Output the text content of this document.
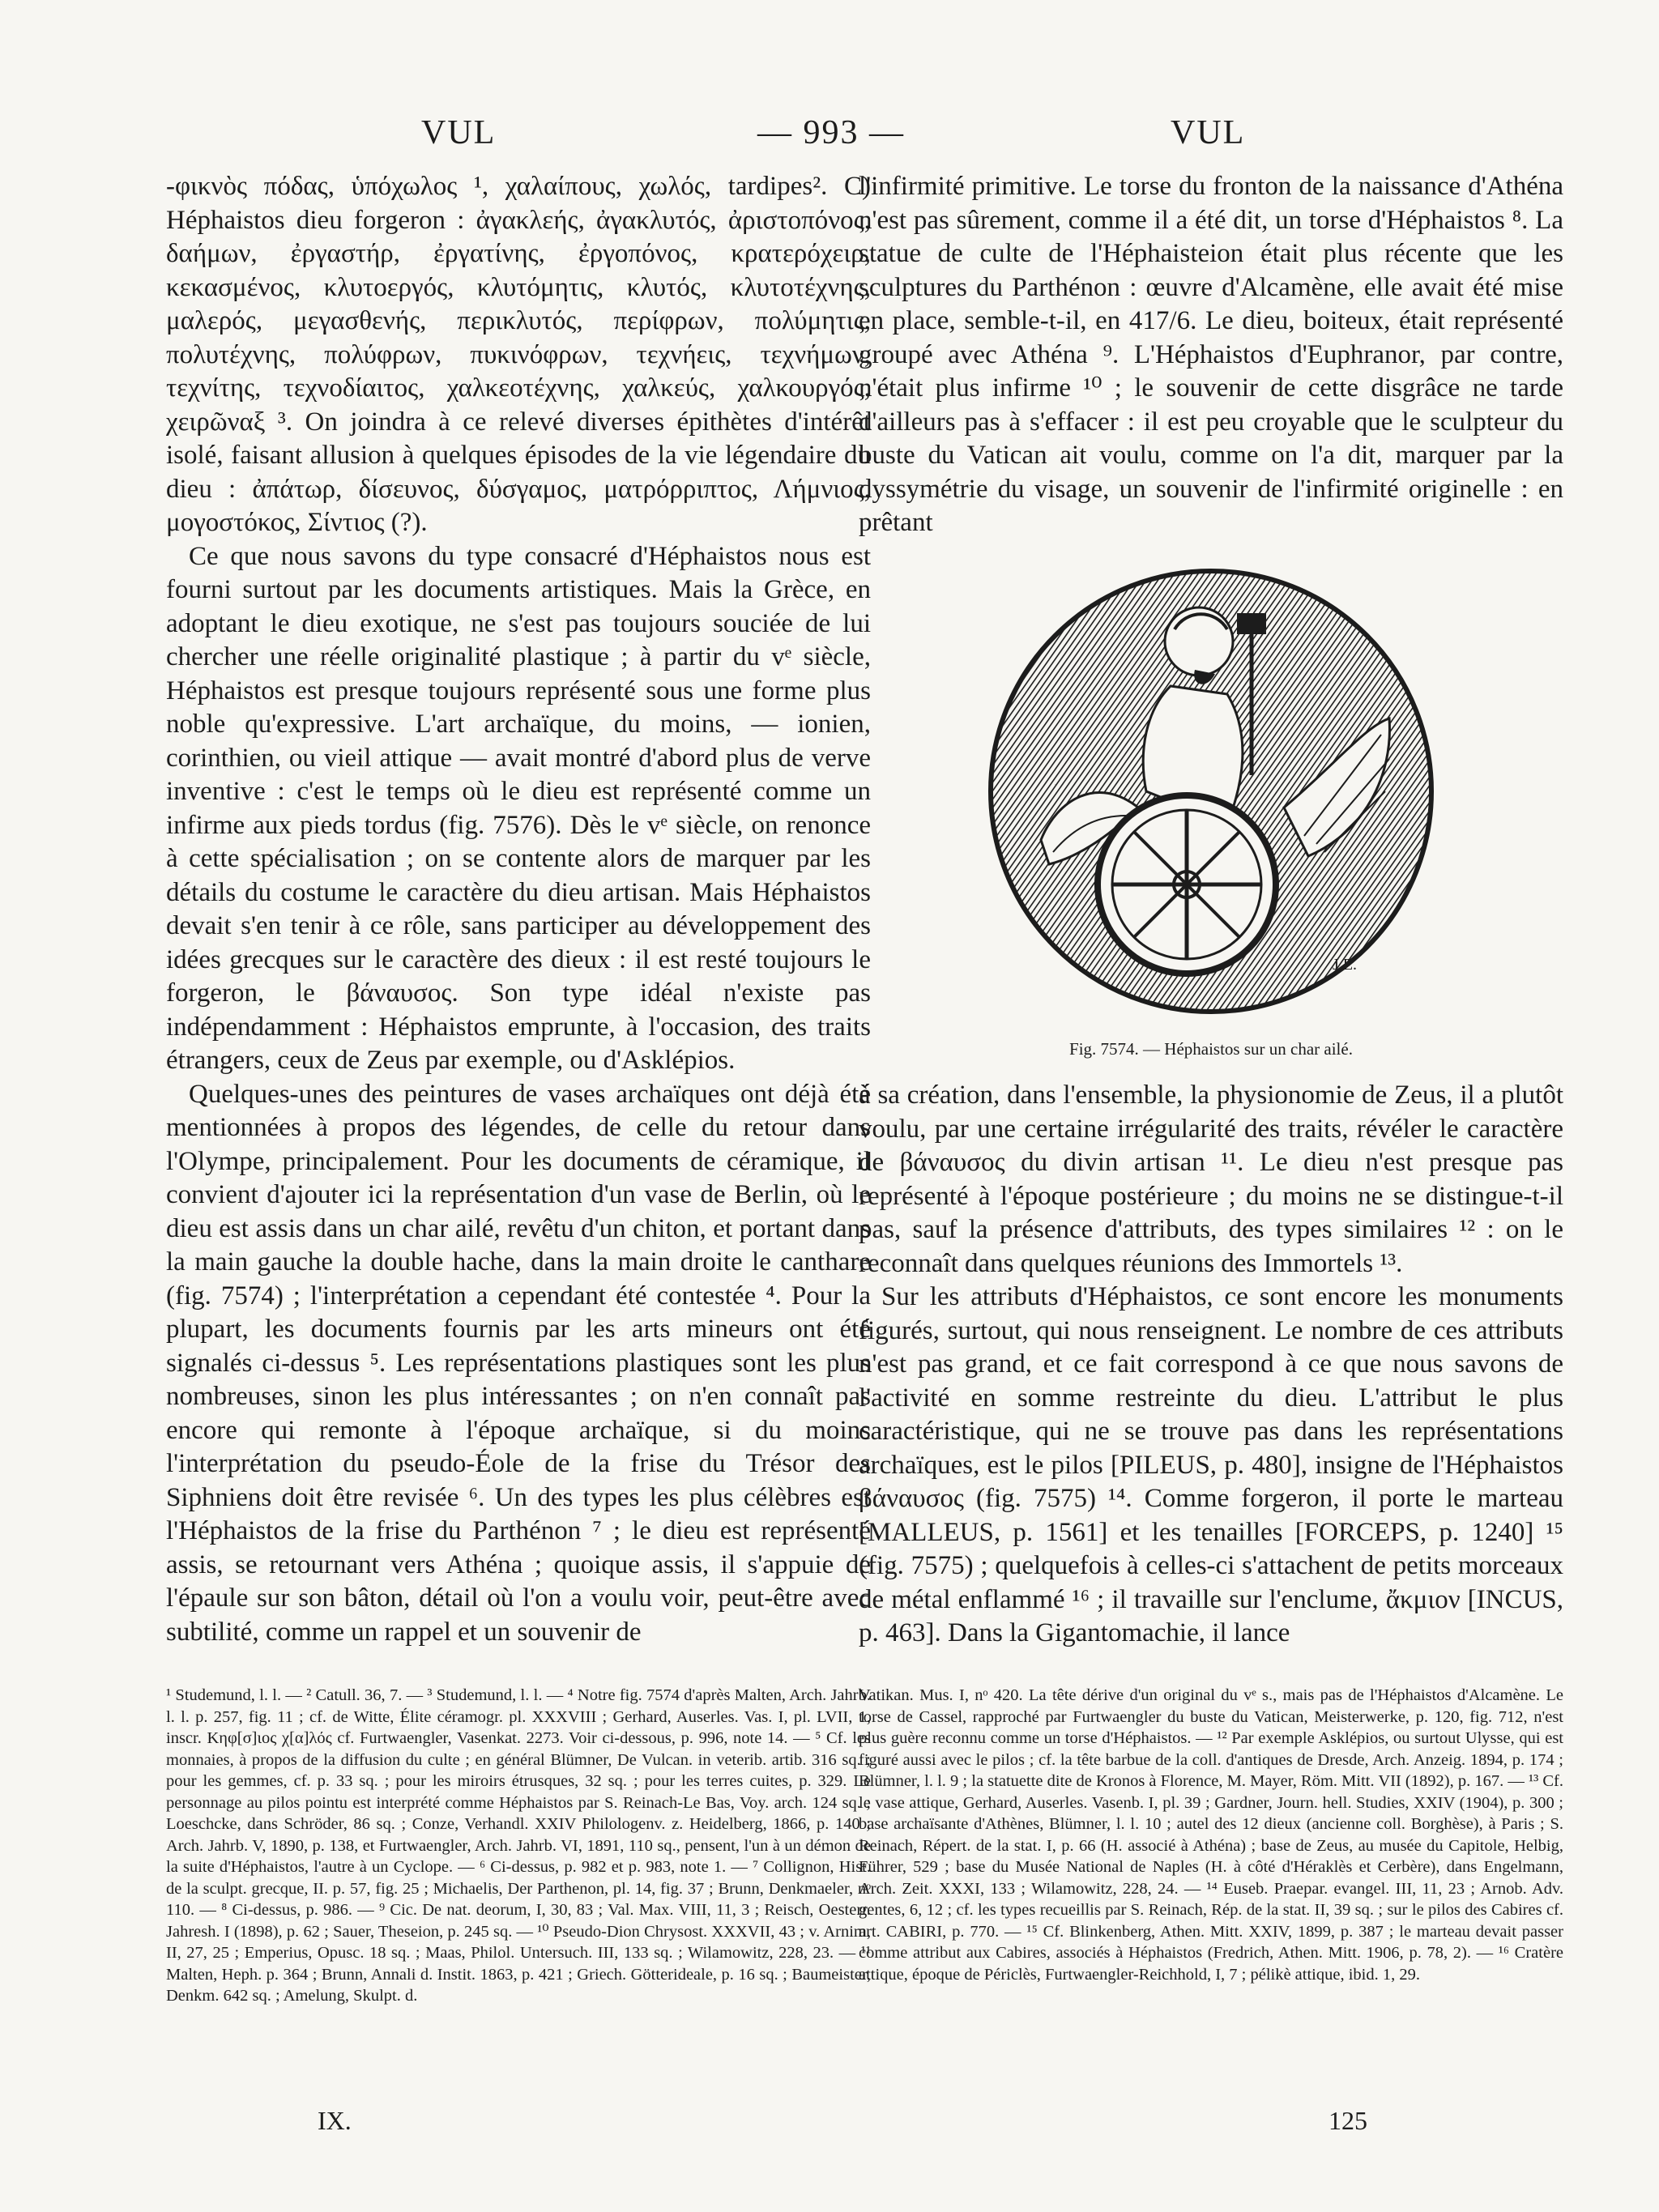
VUL	— 993 —	VUL

-φικνὸς πόδας, ὑπόχωλος ¹, χαλαίπους, χωλός, tardipes². C) Héphaistos dieu forgeron : ἀγακλεής, ἀγακλυτός, ἀριστοπόνος, δαήμων, ἐργαστήρ, ἐργατίνης, ἐργοπόνος, κρατερόχειρ, κεκασμένος, κλυτοεργός, κλυτόμητις, κλυτός, κλυτοτέχνης, μαλερός, μεγασθενής, περικλυτός, περίφρων, πολύμητις, πολυτέχνης, πολύφρων, πυκινόφρων, τεχνήεις, τεχνήμων, τεχνίτης, τεχνοδίαιτος, χαλκεοτέχνης, χαλκεύς, χαλκουργός, χειρῶναξ ³. On joindra à ce relevé diverses épithètes d'intérêt isolé, faisant allusion à quelques épisodes de la vie légendaire du dieu : ἀπάτωρ, δίσευνος, δύσγαμος, ματρόρριπτος, Λήμνιος, μογοστόκος, Σίντιος (?).

Ce que nous savons du type consacré d'Héphaistos nous est fourni surtout par les documents artistiques. Mais la Grèce, en adoptant le dieu exotique, ne s'est pas toujours souciée de lui chercher une réelle originalité plastique ; à partir du vᵉ siècle, Héphaistos est presque toujours représenté sous une forme plus noble qu'expressive. L'art archaïque, du moins, — ionien, corinthien, ou vieil attique — avait montré d'abord plus de verve inventive : c'est le temps où le dieu est représenté comme un infirme aux pieds tordus (fig. 7576). Dès le vᵉ siècle, on renonce à cette spécialisation ; on se contente alors de marquer par les détails du costume le caractère du dieu artisan. Mais Héphaistos devait s'en tenir à ce rôle, sans participer au développement des idées grecques sur le caractère des dieux : il est resté toujours le forgeron, le βάναυσος. Son type idéal n'existe pas indépendamment : Héphaistos emprunte, à l'occasion, des traits étrangers, ceux de Zeus par exemple, ou d'Asklépios.

Quelques-unes des peintures de vases archaïques ont déjà été mentionnées à propos des légendes, de celle du retour dans l'Olympe, principalement. Pour les documents de céramique, il convient d'ajouter ici la représentation d'un vase de Berlin, où le dieu est assis dans un char ailé, revêtu d'un chiton, et portant dans la main gauche la double hache, dans la main droite le canthare (fig. 7574) ; l'interprétation a cependant été contestée ⁴. Pour la plupart, les documents fournis par les arts mineurs ont été signalés ci-dessus ⁵. Les représentations plastiques sont les plus nombreuses, sinon les plus intéressantes ; on n'en connaît pas encore qui remonte à l'époque archaïque, si du moins l'interprétation du pseudo-Éole de la frise du Trésor des Siphniens doit être revisée ⁶. Un des types les plus célèbres est l'Héphaistos de la frise du Parthénon ⁷ ; le dieu est représenté assis, se retournant vers Athéna ; quoique assis, il s'appuie de l'épaule sur son bâton, détail où l'on a voulu voir, peut-être avec subtilité, comme un rappel et un souvenir de

l'infirmité primitive. Le torse du fronton de la naissance d'Athéna n'est pas sûrement, comme il a été dit, un torse d'Héphaistos ⁸. La statue de culte de l'Héphaisteion était plus récente que les sculptures du Parthénon : œuvre d'Alcamène, elle avait été mise en place, semble-t-il, en 417/6. Le dieu, boiteux, était représenté groupé avec Athéna ⁹. L'Héphaistos d'Euphranor, par contre, n'était plus infirme ¹⁰ ; le souvenir de cette disgrâce ne tarde d'ailleurs pas à s'effacer : il est peu croyable que le sculpteur du buste du Vatican ait voulu, comme on l'a dit, marquer par la dyssymétrie du visage, un souvenir de l'infirmité originelle : en prêtant

J.E.
Fig. 7574. — Héphaistos sur un char ailé.

à sa création, dans l'ensemble, la physionomie de Zeus, il a plutôt voulu, par une certaine irrégularité des traits, révéler le caractère de βάναυσος du divin artisan ¹¹. Le dieu n'est presque pas représenté à l'époque postérieure ; du moins ne se distingue-t-il pas, sauf la présence d'attributs, des types similaires ¹² : on le reconnaît dans quelques réunions des Immortels ¹³.

Sur les attributs d'Héphaistos, ce sont encore les monuments figurés, surtout, qui nous renseignent. Le nombre de ces attributs n'est pas grand, et ce fait correspond à ce que nous savons de l'activité en somme restreinte du dieu. L'attribut le plus caractéristique, qui ne se trouve pas dans les représentations archaïques, est le pilos [PILEUS, p. 480], insigne de l'Héphaistos βάναυσος (fig. 7575) ¹⁴. Comme forgeron, il porte le marteau [MALLEUS, p. 1561] et les tenailles [FORCEPS, p. 1240] ¹⁵ (fig. 7575) ; quelquefois à celles-ci s'attachent de petits morceaux de métal enflammé ¹⁶ ; il travaille sur l'enclume, ἄκμιον [INCUS, p. 463]. Dans la Gigantomachie, il lance

¹ Studemund, l. l. — ² Catull. 36, 7. — ³ Studemund, l. l. — ⁴ Notre fig. 7574 d'après Malten, Arch. Jahrb. l. l. p. 257, fig. 11 ; cf. de Witte, Élite céramogr. pl. XXXVIII ; Gerhard, Auserles. Vas. I, pl. LVII, 1, inscr. Κηφ[σ]ιος χ[α]λός cf. Furtwaengler, Vasenkat. 2273. Voir ci-dessous, p. 996, note 14. — ⁵ Cf. les monnaies, à propos de la diffusion du culte ; en général Blümner, De Vulcan. in veterib. artib. 316 sq. ; pour les gemmes, cf. p. 33 sq. ; pour les miroirs étrusques, 32 sq. ; pour les terres cuites, p. 329. Le personnage au pilos pointu est interprété comme Héphaistos par S. Reinach-Le Bas, Voy. arch. 124 sq. ; Loeschcke, dans Schröder, 86 sq. ; Conze, Verhandl. XXIV Philologenv. z. Heidelberg, 1866, p. 140 ; Arch. Jahrb. V, 1890, p. 138, et Furtwaengler, Arch. Jahrb. VI, 1891, 110 sq., pensent, l'un à un démon de la suite d'Héphaistos, l'autre à un Cyclope. — ⁶ Ci-dessus, p. 982 et p. 983, note 1. — ⁷ Collignon, Hist. de la sculpt. grecque, II. p. 57, fig. 25 ; Michaelis, Der Parthenon, pl. 14, fig. 37 ; Brunn, Denkmaeler, nᵒ 110. — ⁸ Ci-dessus, p. 986. — ⁹ Cic. De nat. deorum, I, 30, 83 ; Val. Max. VIII, 11, 3 ; Reisch, Oesterr. Jahresh. I (1898), p. 62 ; Sauer, Theseion, p. 245 sq. — ¹⁰ Pseudo-Dion Chrysost. XXXVII, 43 ; v. Arnim, II, 27, 25 ; Emperius, Opusc. 18 sq. ; Maas, Philol. Untersuch. III, 133 sq. ; Wilamowitz, 228, 23. — ¹¹ Malten, Heph. p. 364 ; Brunn, Annali d. Instit. 1863, p. 421 ; Griech. Götterideale, p. 16 sq. ; Baumeister, Denkm. 642 sq. ; Amelung, Skulpt. d.

Vatikan. Mus. I, nᵒ 420. La tête dérive d'un original du vᵉ s., mais pas de l'Héphaistos d'Alcamène. Le torse de Cassel, rapproché par Furtwaengler du buste du Vatican, Meisterwerke, p. 120, fig. 712, n'est plus guère reconnu comme un torse d'Héphaistos. — ¹² Par exemple Asklépios, ou surtout Ulysse, qui est figuré aussi avec le pilos ; cf. la tête barbue de la coll. d'antiques de Dresde, Arch. Anzeig. 1894, p. 174 ; Blümner, l. l. 9 ; la statuette dite de Kronos à Florence, M. Mayer, Röm. Mitt. VII (1892), p. 167. — ¹³ Cf. le vase attique, Gerhard, Auserles. Vasenb. I, pl. 39 ; Gardner, Journ. hell. Studies, XXIV (1904), p. 300 ; base archaïsante d'Athènes, Blümner, l. l. 10 ; autel des 12 dieux (ancienne coll. Borghèse), à Paris ; S. Reinach, Répert. de la stat. I, p. 66 (H. associé à Athéna) ; base de Zeus, au musée du Capitole, Helbig, Führer, 529 ; base du Musée National de Naples (H. à côté d'Héraklès et Cerbère), dans Engelmann, Arch. Zeit. XXXI, 133 ; Wilamowitz, 228, 24. — ¹⁴ Euseb. Praepar. evangel. III, 11, 23 ; Arnob. Adv. gentes, 6, 12 ; cf. les types recueillis par S. Reinach, Rép. de la stat. II, 39 sq. ; sur le pilos des Cabires cf. art. CABIRI, p. 770. — ¹⁵ Cf. Blinkenberg, Athen. Mitt. XXIV, 1899, p. 387 ; le marteau devait passer comme attribut aux Cabires, associés à Héphaistos (Fredrich, Athen. Mitt. 1906, p. 78, 2). — ¹⁶ Cratère attique, époque de Périclès, Furtwaengler-Reichhold, I, 7 ; pélikè attique, ibid. 1, 29.

IX.	125
